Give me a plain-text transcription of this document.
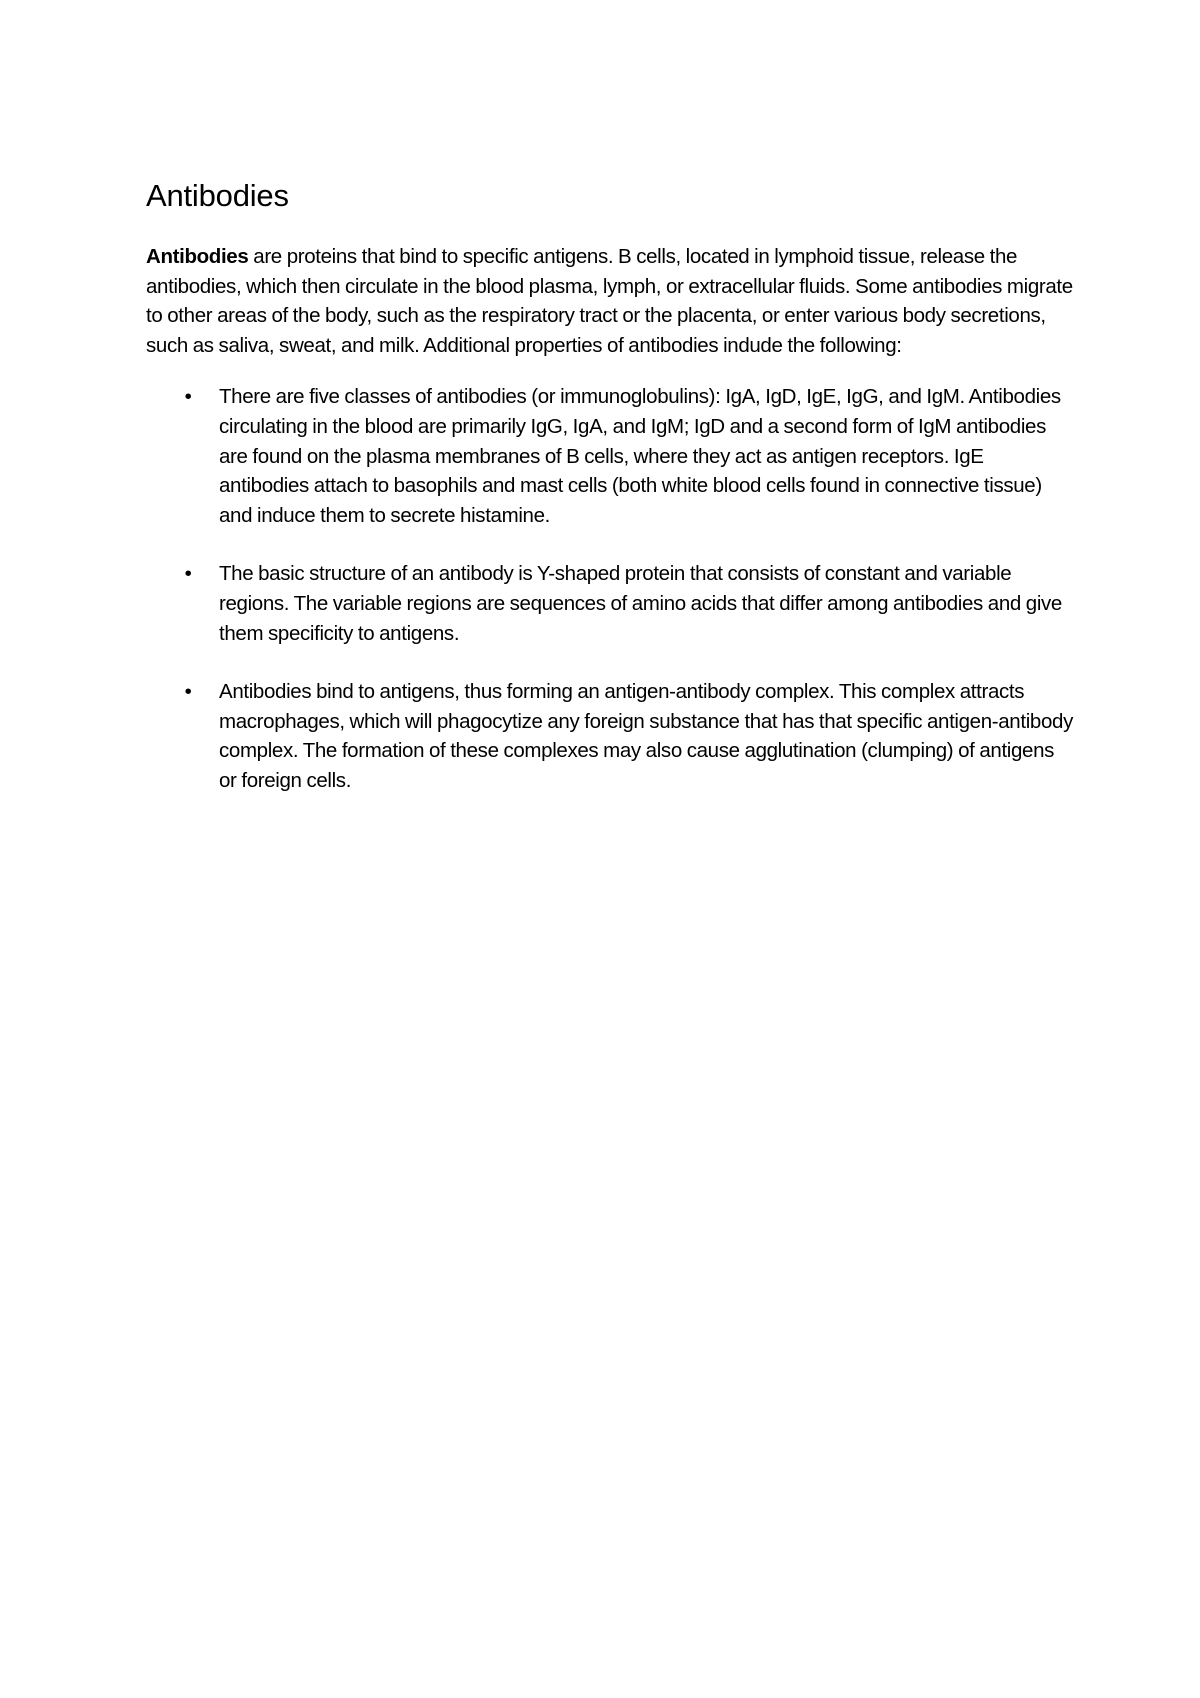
Antibodies

Antibodies are proteins that bind to specific antigens. B cells, located in lymphoid tissue, release the antibodies, which then circulate in the blood plasma, lymph, or extracellular fluids. Some antibodies migrate to other areas of the body, such as the respiratory tract or the placenta, or enter various body secretions, such as saliva, sweat, and milk. Additional properties of antibodies indude the following:

• There are five classes of antibodies (or immunoglobulins): IgA, IgD, IgE, IgG, and IgM. Antibodies circulating in the blood are primarily IgG, IgA, and IgM; IgD and a second form of IgM antibodies are found on the plasma membranes of B cells, where they act as antigen receptors. IgE antibodies attach to basophils and mast cells (both white blood cells found in connective tissue) and induce them to secrete histamine.
• The basic structure of an antibody is Y-shaped protein that consists of constant and variable regions. The variable regions are sequences of amino acids that differ among antibodies and give them specificity to antigens.
• Antibodies bind to antigens, thus forming an antigen-antibody complex. This complex attracts macrophages, which will phagocytize any foreign substance that has that specific antigen-antibody complex. The formation of these complexes may also cause agglutination (clumping) of antigens or foreign cells.
